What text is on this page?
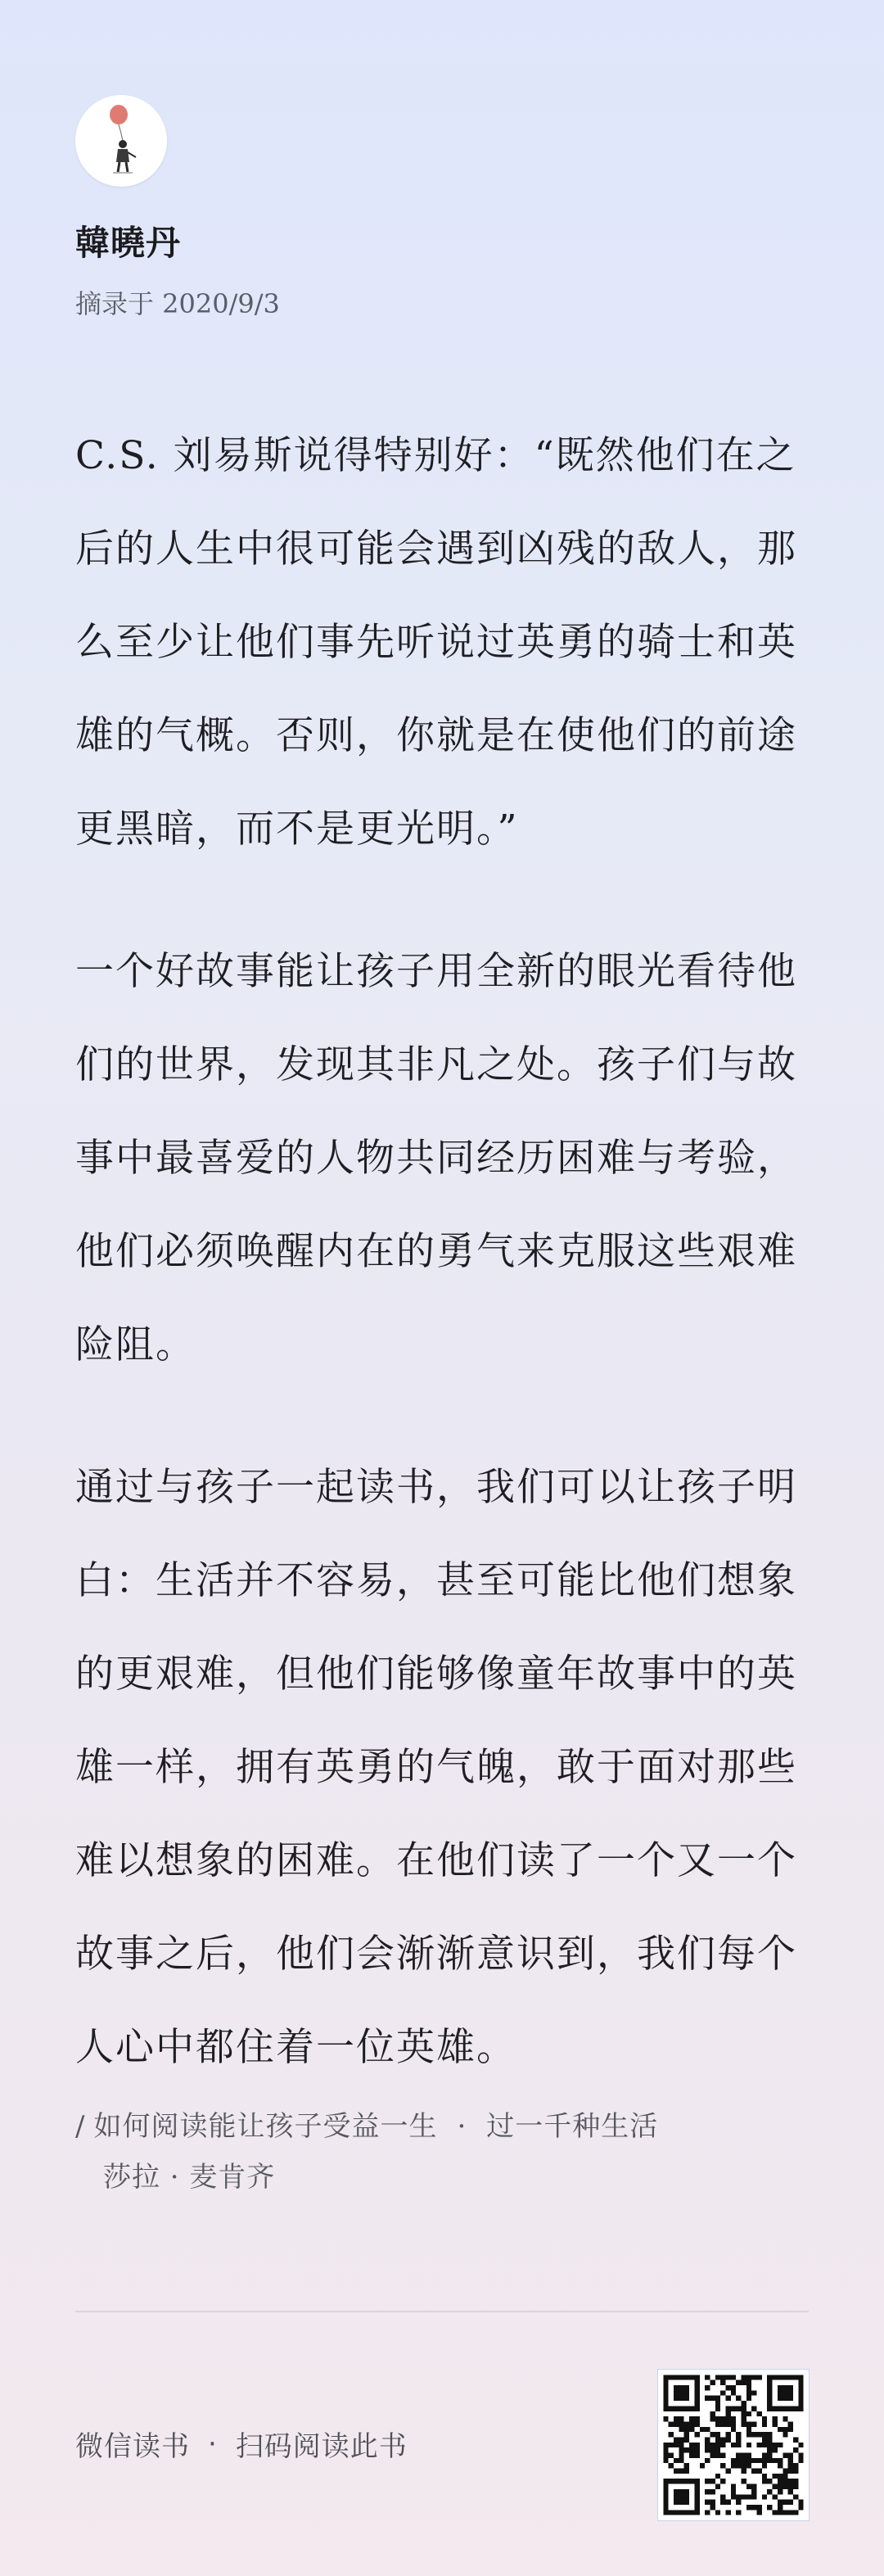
韓曉丹
摘录于 2020/9/3

C.S. 刘易斯说得特别好：“既然他们在之后的人生中很可能会遇到凶残的敌人，那么至少让他们事先听说过英勇的骑士和英雄的气概。否则，你就是在使他们的前途更黑暗，而不是更光明。”

一个好故事能让孩子用全新的眼光看待他们的世界，发现其非凡之处。孩子们与故事中最喜爱的人物共同经历困难与考验，他们必须唤醒内在的勇气来克服这些艰难险阻。

通过与孩子一起读书，我们可以让孩子明白：生活并不容易，甚至可能比他们想象的更艰难，但他们能够像童年故事中的英雄一样，拥有英勇的气魄，敢于面对那些难以想象的困难。在他们读了一个又一个故事之后，他们会渐渐意识到，我们每个人心中都住着一位英雄。

/ 如何阅读能让孩子受益一生 · 过一千种生活
莎拉 · 麦肯齐
微信读书 · 扫码阅读此书
